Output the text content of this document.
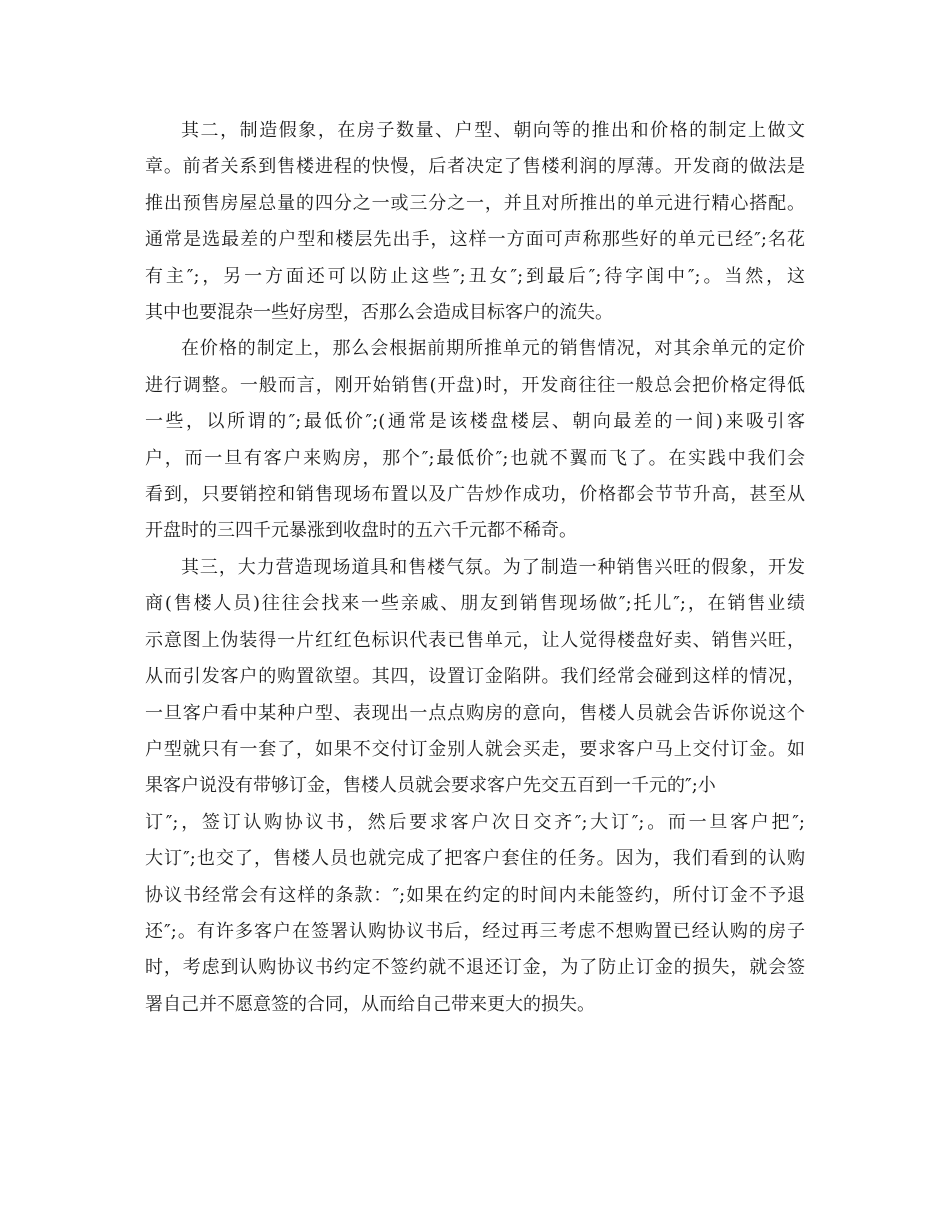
其二，制造假象，在房子数量、户型、朝向等的推出和价格的制定上做文
章。前者关系到售楼进程的快慢，后者决定了售楼利润的厚薄。开发商的做法是
推出预售房屋总量的四分之一或三分之一，并且对所推出的单元进行精心搭配。
通常是选最差的户型和楼层先出手，这样一方面可声称那些好的单元已经″;名花
有主″;，另一方面还可以防止这些″;丑女″;到最后″;待字闺中″;。当然，这
其中也要混杂一些好房型，否那么会造成目标客户的流失。
在价格的制定上，那么会根据前期所推单元的销售情况，对其余单元的定价
进行调整。一般而言，刚开始销售(开盘)时，开发商往往一般总会把价格定得低
一些，以所谓的″;最低价″;(通常是该楼盘楼层、朝向最差的一间)来吸引客
户，而一旦有客户来购房，那个″;最低价″;也就不翼而飞了。在实践中我们会
看到，只要销控和销售现场布置以及广告炒作成功，价格都会节节升高，甚至从
开盘时的三四千元暴涨到收盘时的五六千元都不稀奇。
其三，大力营造现场道具和售楼气氛。为了制造一种销售兴旺的假象，开发
商(售楼人员)往往会找来一些亲戚、朋友到销售现场做″;托儿″;，在销售业绩
示意图上伪装得一片红红色标识代表已售单元，让人觉得楼盘好卖、销售兴旺，
从而引发客户的购置欲望。其四，设置订金陷阱。我们经常会碰到这样的情况，
一旦客户看中某种户型、表现出一点点购房的意向，售楼人员就会告诉你说这个
户型就只有一套了，如果不交付订金别人就会买走，要求客户马上交付订金。如
果客户说没有带够订金，售楼人员就会要求客户先交五百到一千元的″;小
订″;，签订认购协议书，然后要求客户次日交齐″;大订″;。而一旦客户把″;
大订″;也交了，售楼人员也就完成了把客户套住的任务。因为，我们看到的认购
协议书经常会有这样的条款：″;如果在约定的时间内未能签约，所付订金不予退
还″;。有许多客户在签署认购协议书后，经过再三考虑不想购置已经认购的房子
时，考虑到认购协议书约定不签约就不退还订金，为了防止订金的损失，就会签
署自己并不愿意签的合同，从而给自己带来更大的损失。
